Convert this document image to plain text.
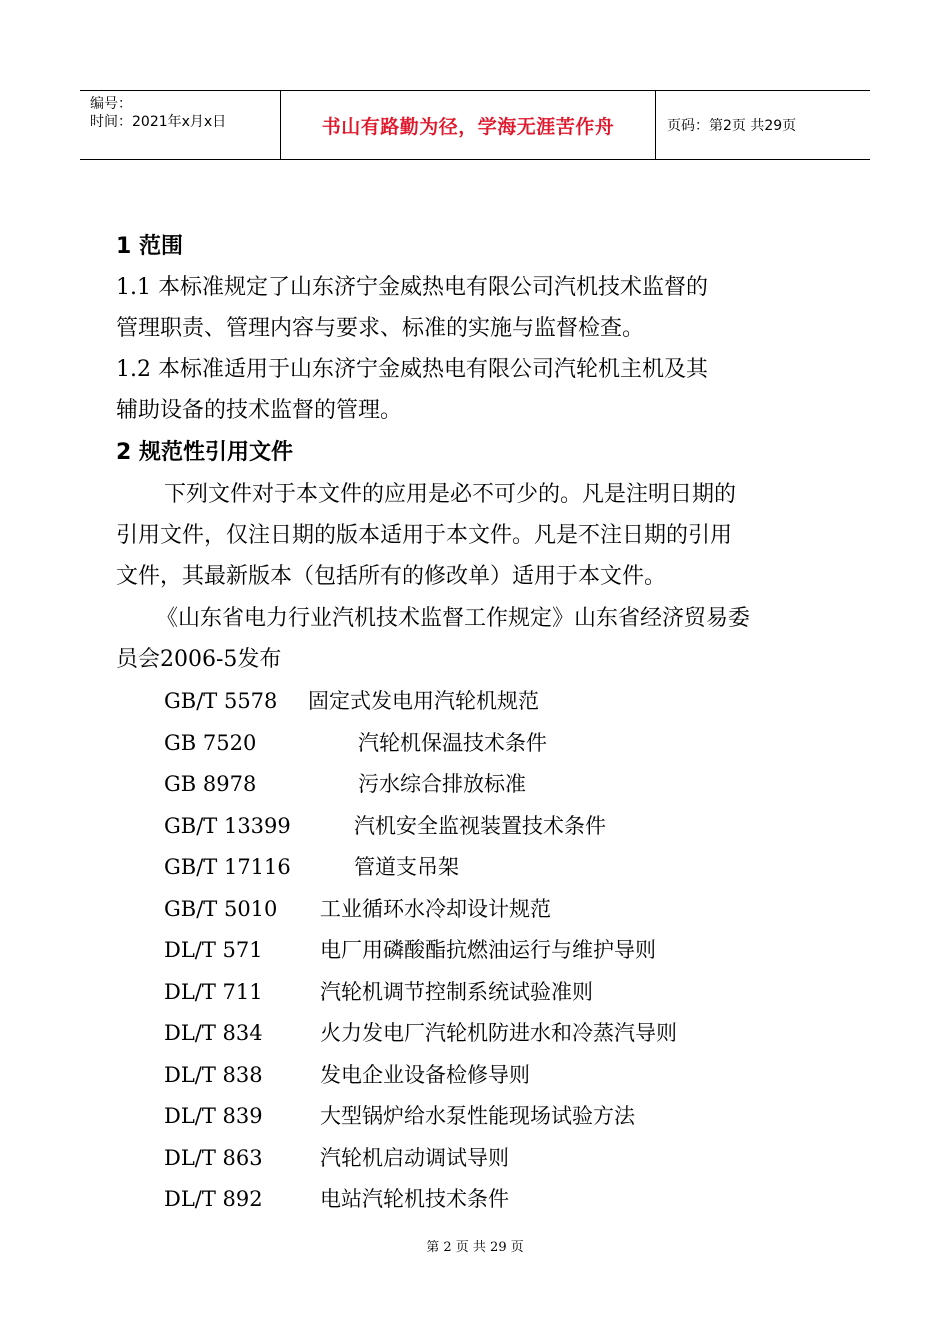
编号：
时间：2021年x月x日	书山有路勤为径，学海无涯苦作舟	页码：第2页 共29页
1 范围
1.1 本标准规定了山东济宁金威热电有限公司汽机技术监督的
管理职责、管理内容与要求、标准的实施与监督检查。
1.2 本标准适用于山东济宁金威热电有限公司汽轮机主机及其
辅助设备的技术监督的管理。
2 规范性引用文件
下列文件对于本文件的应用是必不可少的。凡是注明日期的
引用文件，仅注日期的版本适用于本文件。凡是不注日期的引用
文件，其最新版本（包括所有的修改单）适用于本文件。
《山东省电力行业汽机技术监督工作规定》山东省经济贸易委
员会2006-5发布
GB/T 5578 固定式发电用汽轮机规范
GB 7520	汽轮机保温技术条件
GB 8978	污水综合排放标准
GB/T 13399	汽机安全监视装置技术条件
GB/T 17116	管道支吊架
GB/T 5010 工业循环水冷却设计规范
DL/T 571	电厂用磷酸酯抗燃油运行与维护导则
DL/T 711	汽轮机调节控制系统试验准则
DL/T 834	火力发电厂汽轮机防进水和冷蒸汽导则
DL/T 838	发电企业设备检修导则
DL/T 839	大型锅炉给水泵性能现场试验方法
DL/T 863	汽轮机启动调试导则
DL/T 892	电站汽轮机技术条件
第 2 页 共 29 页
